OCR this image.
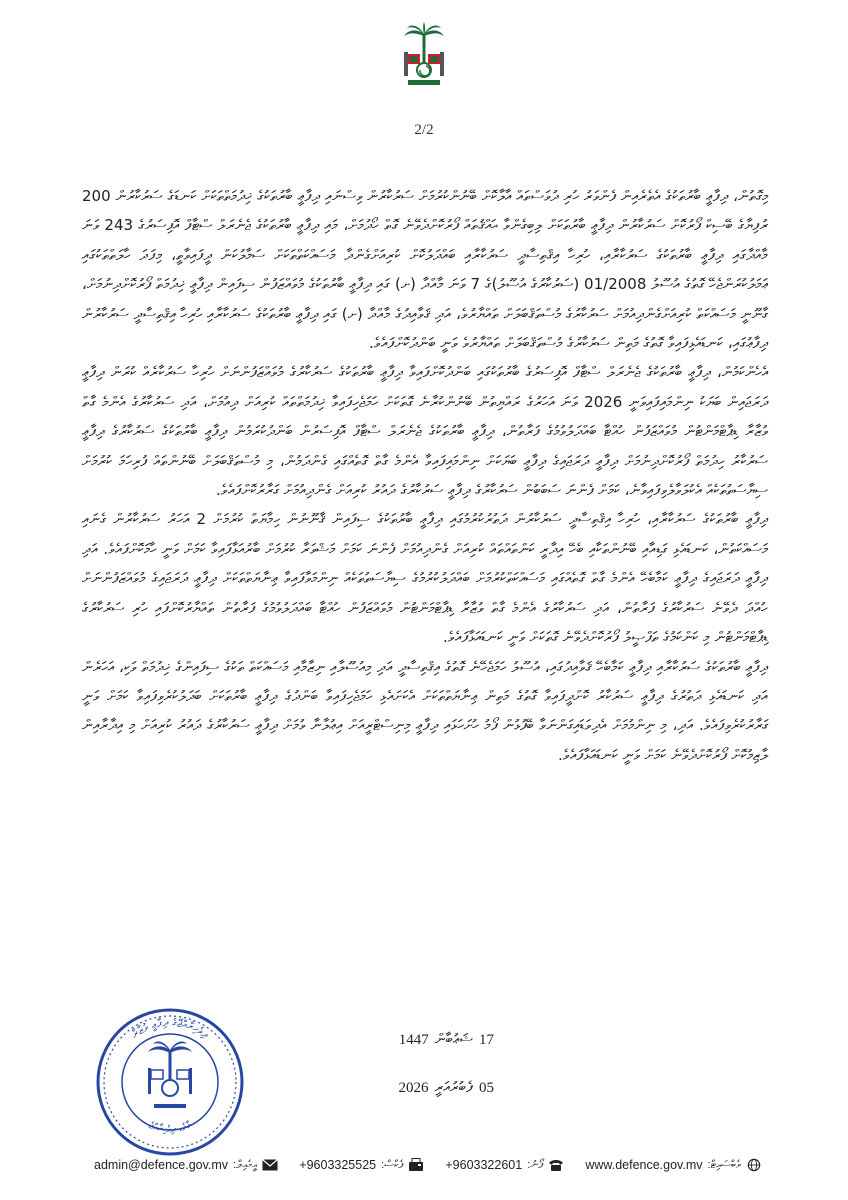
2/2

މިގޮތުން، ދިފާޢީ ބާރުތަކުގެ އެތެރެއިން ފެންވަރު ހުރި ދުވަސްތައް އާލާކޮށް ބޭނުންކުރުމަށް ސަރުކާރުން ވިސްނައި ދިފާޢީ ބާރުތަކުގެ ޚިދުމަތްތަކަށް ކަނޑަގެ ސަރުކާރުން 200 ރުފިޔާގެ ބޭސިކް ފޯރުކޮށް ސަރުކާރުން ދިފާޢީ ބާރުތަކަށް ލިބިގެންވާ ޙައްޤުތައް ފޯރުކޮށްދެވޭނެ ގޮތް ހޯދުމަށް، މައި ދިފާޢީ ބާރުތަކުގެ ޖެނެރަލް ސްޓާފް އޮފިސަރުގެ 243 ވަނަ މާއްދާގައި ދިފާޢީ ބާރުތަކުގެ ސަރުކާރާއި، ހުރިހާ އިޤްތިސާދީ ސަރުކާރާއި ބައްދަލުކޮށް ކުރިއަށްގެންދާ މަސައްކަތްތަކަށް ސަމާލުކަން ދީފައިވާތީ، މިފަދަ ހާލަތްތަކުގައި ޢަމަލުކުރަންޖެހޭ ގޮތުގެ އުސޫލު 01/2008 (ސަރުކާރުގެ އުސޫލު)ގެ 7 ވަނަ މާއްދާ (ށ) ގައި ދިފާޢީ ބާރުތަކުގެ މުވައްޒަފުން ސިފައިން ދިފާޢީ ޚިދުމަތް ފޯރުކޮށްދިނުމަށް، ގާނޫނީ މަސައްކަތް ކުރިއަށްގެންދިއުމަށް ސަރުކާރުގެ މުސްތަޤްބަލަށް ތައްޔާރުވެ، އަދި ޤަވާއިދުގެ މާއްދާ (ށ) ގައި ދިފާޢީ ބާރުތަކުގެ ސަރުކާރާއި ހުރިހާ އިޤްތިސާދީ ސަރުކާރުން ދިފާޢުގައި، ކަނޑައެޅިފައިވާ ގޮތުގެ މަތިން ސަރުކާރުގެ މުސްތަޤްބަލަށް ތައްޔާރުވެ ވަނީ ބަންދުކޮށްފައެވެ.

އެހެންކަމުން، ދިފާޢީ ބާރުތަކުގެ ޖެނެރަލް ސްޓާފް އޮފިސަރުގެ ބާރުތަކުގައި ބަންދުކޮށްފައިވާ ދިފާޢީ ބާރުތަކުގެ ސަރުކާރުގެ މުވައްޒަފުންނަށް ހުރިހާ ސަރުކާރެއް ކުރަން ދިފާޢީ ދަރަޖައިން ބަޔަކު ނިންމައިފައިވަނީ 2026 ވަނަ އަހަރުގެ ރައްޔިތުން ބޭނުންކުރާނެ ގޮތަކަށް ހަމަޖެހިފައިވާ ޚިދުމަތްތައް ކުރިއަށް ދިއުމަށް، އަދި ސަރުކާރުގެ އެންމެ ގާތް ވުޒާރާ ޑިޕާޓްމަންޓުން މުވައްޒަފުން ހުއްޓާ ބައްދަލުވުމުގެ ފަރާތުން، ދިފާޢީ ބާރުތަކުގެ ޖެނެރަލް ސްޓާފް އޮފިސަރުން ބަންދުކުރަމުން ދިފާޢީ ބާރުތަކުގެ ސަރުކާރުގެ ދިފާޢީ ސަރުކާރު ހިދުމަތް ފޯރުކޮށްދިނުމަށް ދިފާޢީ ދަރަޖައިގެ ދިފާޢީ ބަޔަކަށް ނިންމައިފައިވާ އެންމެ ގާތް ގޮތެއްގައި ގެންދަމުން، މި މުސްތަޤްބަލަށް ބޭނުންތައް ފުރިހަމަ ކުރުމަށް ސިޔާސަތުތަކެއް އެކުލަވާލެވިފައިވާނެ، ކަމަށް ފެންނަ ސަބަބުން ސަރުކާރުގެ ދިފާޢީ ސަރުކާރުގެ ދައުރު ކުރިއަށް ގެންދިއުމަށް ގަރާރުކޮށްފައެވެ.

ދިފާޢީ ބާރުތަކުގެ ސަރުކާރާއި، ހުރިހާ އިޤްތިސާދީ ސަރުކާރުން ދަތުރުކުރުމުގައި ދިފާޢީ ބާރުތަކުގެ ސިފައިން ޤާނޫނުން ހިމާޔަތް ކުރުމަށް 2 އަހަރު ސަރުކާރުން ގެނައި މަސައްކަތުން، ކަނޑައެޅި ގަޑިއާއި ބޭނުންތަކާއި ބެހޭ އިދާރީ ކަންތައްތައް ކުރިއަށް ގެންދިއުމަށް ފެންނަ ކަމަށް މަޝްވަރާ ކުރުމަށް ބާރުއަޅާފައިވާ ކަމަށް ވަނީ ހާމަކޮށްފައެވެ. އަދި ދިފާޢީ ދަރަޖައިގެ ދިފާޢީ ކަމާބެހޭ އެންމެ ގާތް ގޮތެއްގައި މަސައްކަތްކުރުމަށް ބައްދަލުކުރުމުގެ ސިޔާސަތުތަކެއް ނިންމަވާފައިވާ ޢިނާޔަތްތަކަށް ދިފާޢީ ދަރަޖައިގެ މުވައްޒަފުންނަށް ހުއްދަ ދެވޭނެ ސަރުކާރުގެ ފަރާތުން، އަދި ސަރުކާރުގެ އެންމެ ގާތް ވުޒާރާ ޑިޕާޓްމަންޓުން މުވައްޒަފުން ހުއްޓާ ބައްދަލުވުމުގެ ފަރާތުން ތައްޔާރުކޮށްފައި ހުރި ސަރުކާރުގެ ޑިޕާޓްމަންޓުން މި ކަންކަމުގެ ތަފްޞީލު ފޯރުކޮށްދެވޭނެ ގޮތަކަށް ވަނީ ކަނޑައަޅާފައެވެ.

ދިފާޢީ ބާރުތަކުގެ ސަރުކާރާއި ދިފާޢީ ކަމާބެހޭ ޤަވާއިދުގައި، އުސޫލު ހަމަޖެހޭނެ ގޮތުގެ އިޤްތިސާދީ އަދި މިއުސޫލާއި ނިޒާމާއި މަސައްކަތް ތަކުގެ ސިފައިންގެ ޚިދުމަތް ވަކި، އަހަރެން އަދި ކަނޑައެޅި ދަތުރުގެ ދިފާޢީ ސަރުކާރު ކޮށްދީފައިވާ ގޮތުގެ މަތިން ޢިނާޔަތްތަކަށް އެކަށައެޅި ހަމަޖެހިފައިވާ ބަންދުގެ ދިފާޢީ ބާރުތަކަށް ބަދަލުކުރެވިފައިވާ ކަމަށް ވަނީ ގަރާރުކުރެވިފައެވެ. އަދި، މި ނިންމުމަށް އެދިވަޑައިގަންނަވާ ބޭފުޅުން ފޯމު ހުށަހަޅައި ދިފާޢީ މިނިސްޓްރީއަށް އިޢުލާނާ ވުމަށް ދިފާޢީ ސަރުކާރުގެ ދައުރު ކުރިއަށް މި އިދާރާއިން ލާޒިމުކޮށް ފޯރުކޮށްދެވޭނެ ކަމަށް ވަނީ ކަނޑައަޅާފައެވެ.

ދިވެހިރާއްޖޭގެ ދިފާޢީ ވުޒާރާ
މާލެ، ދިވެހިރާއްޖެ
17
ޝަޢުބާން
1447
05
ފެބުރުއަރީ
2026
ވެބްސައިޓް:
www.defence.gov.mv
ފޯނު:
+9603322601
ފެކްސް:
+9603325525
އީމެއިލް:
admin@defence.gov.mv
